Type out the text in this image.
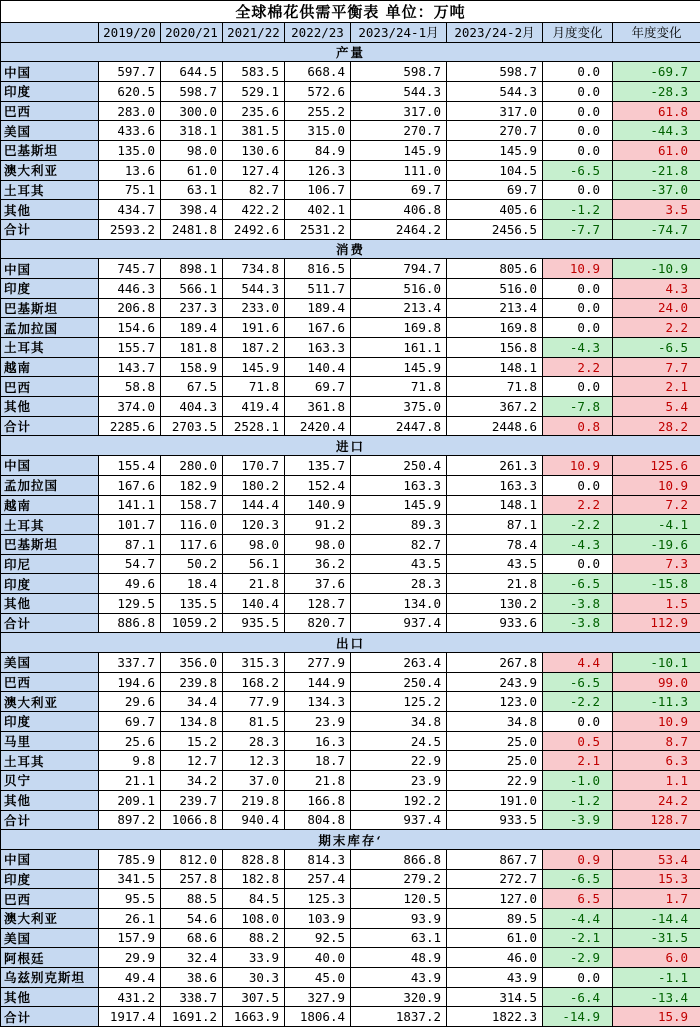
全球棉花供需平衡表 单位：万吨								
	2019/20	2020/21	2021/22	2022/23	2023/24-1月	2023/24-2月	月度变化	年度变化
产量								
中国	597.7	644.5	583.5	668.4	598.7	598.7	0.0	-69.7
印度	620.5	598.7	529.1	572.6	544.3	544.3	0.0	-28.3
巴西	283.0	300.0	235.6	255.2	317.0	317.0	0.0	61.8
美国	433.6	318.1	381.5	315.0	270.7	270.7	0.0	-44.3
巴基斯坦	135.0	98.0	130.6	84.9	145.9	145.9	0.0	61.0
澳大利亚	13.6	61.0	127.4	126.3	111.0	104.5	-6.5	-21.8
土耳其	75.1	63.1	82.7	106.7	69.7	69.7	0.0	-37.0
其他	434.7	398.4	422.2	402.1	406.8	405.6	-1.2	3.5
合计	2593.2	2481.8	2492.6	2531.2	2464.2	2456.5	-7.7	-74.7
消费								
中国	745.7	898.1	734.8	816.5	794.7	805.6	10.9	-10.9
印度	446.3	566.1	544.3	511.7	516.0	516.0	0.0	4.3
巴基斯坦	206.8	237.3	233.0	189.4	213.4	213.4	0.0	24.0
孟加拉国	154.6	189.4	191.6	167.6	169.8	169.8	0.0	2.2
土耳其	155.7	181.8	187.2	163.3	161.1	156.8	-4.3	-6.5
越南	143.7	158.9	145.9	140.4	145.9	148.1	2.2	7.7
巴西	58.8	67.5	71.8	69.7	71.8	71.8	0.0	2.1
其他	374.0	404.3	419.4	361.8	375.0	367.2	-7.8	5.4
合计	2285.6	2703.5	2528.1	2420.4	2447.8	2448.6	0.8	28.2
进口								
中国	155.4	280.0	170.7	135.7	250.4	261.3	10.9	125.6
孟加拉国	167.6	182.9	180.2	152.4	163.3	163.3	0.0	10.9
越南	141.1	158.7	144.4	140.9	145.9	148.1	2.2	7.2
土耳其	101.7	116.0	120.3	91.2	89.3	87.1	-2.2	-4.1
巴基斯坦	87.1	117.6	98.0	98.0	82.7	78.4	-4.3	-19.6
印尼	54.7	50.2	56.1	36.2	43.5	43.5	0.0	7.3
印度	49.6	18.4	21.8	37.6	28.3	21.8	-6.5	-15.8
其他	129.5	135.5	140.4	128.7	134.0	130.2	-3.8	1.5
合计	886.8	1059.2	935.5	820.7	937.4	933.6	-3.8	112.9
出口								
美国	337.7	356.0	315.3	277.9	263.4	267.8	4.4	-10.1
巴西	194.6	239.8	168.2	144.9	250.4	243.9	-6.5	99.0
澳大利亚	29.6	34.4	77.9	134.3	125.2	123.0	-2.2	-11.3
印度	69.7	134.8	81.5	23.9	34.8	34.8	0.0	10.9
马里	25.6	15.2	28.3	16.3	24.5	25.0	0.5	8.7
土耳其	9.8	12.7	12.3	18.7	22.9	25.0	2.1	6.3
贝宁	21.1	34.2	37.0	21.8	23.9	22.9	-1.0	1.1
其他	209.1	239.7	219.8	166.8	192.2	191.0	-1.2	24.2
合计	897.2	1066.8	940.4	804.8	937.4	933.5	-3.9	128.7
期末库存‘								
中国	785.9	812.0	828.8	814.3	866.8	867.7	0.9	53.4
印度	341.5	257.8	182.8	257.4	279.2	272.7	-6.5	15.3
巴西	95.5	88.5	84.5	125.3	120.5	127.0	6.5	1.7
澳大利亚	26.1	54.6	108.0	103.9	93.9	89.5	-4.4	-14.4
美国	157.9	68.6	88.2	92.5	63.1	61.0	-2.1	-31.5
阿根廷	29.9	32.4	33.9	40.0	48.9	46.0	-2.9	6.0
乌兹别克斯坦	49.4	38.6	30.3	45.0	43.9	43.9	0.0	-1.1
其他	431.2	338.7	307.5	327.9	320.9	314.5	-6.4	-13.4
合计	1917.4	1691.2	1663.9	1806.4	1837.2	1822.3	-14.9	15.9
